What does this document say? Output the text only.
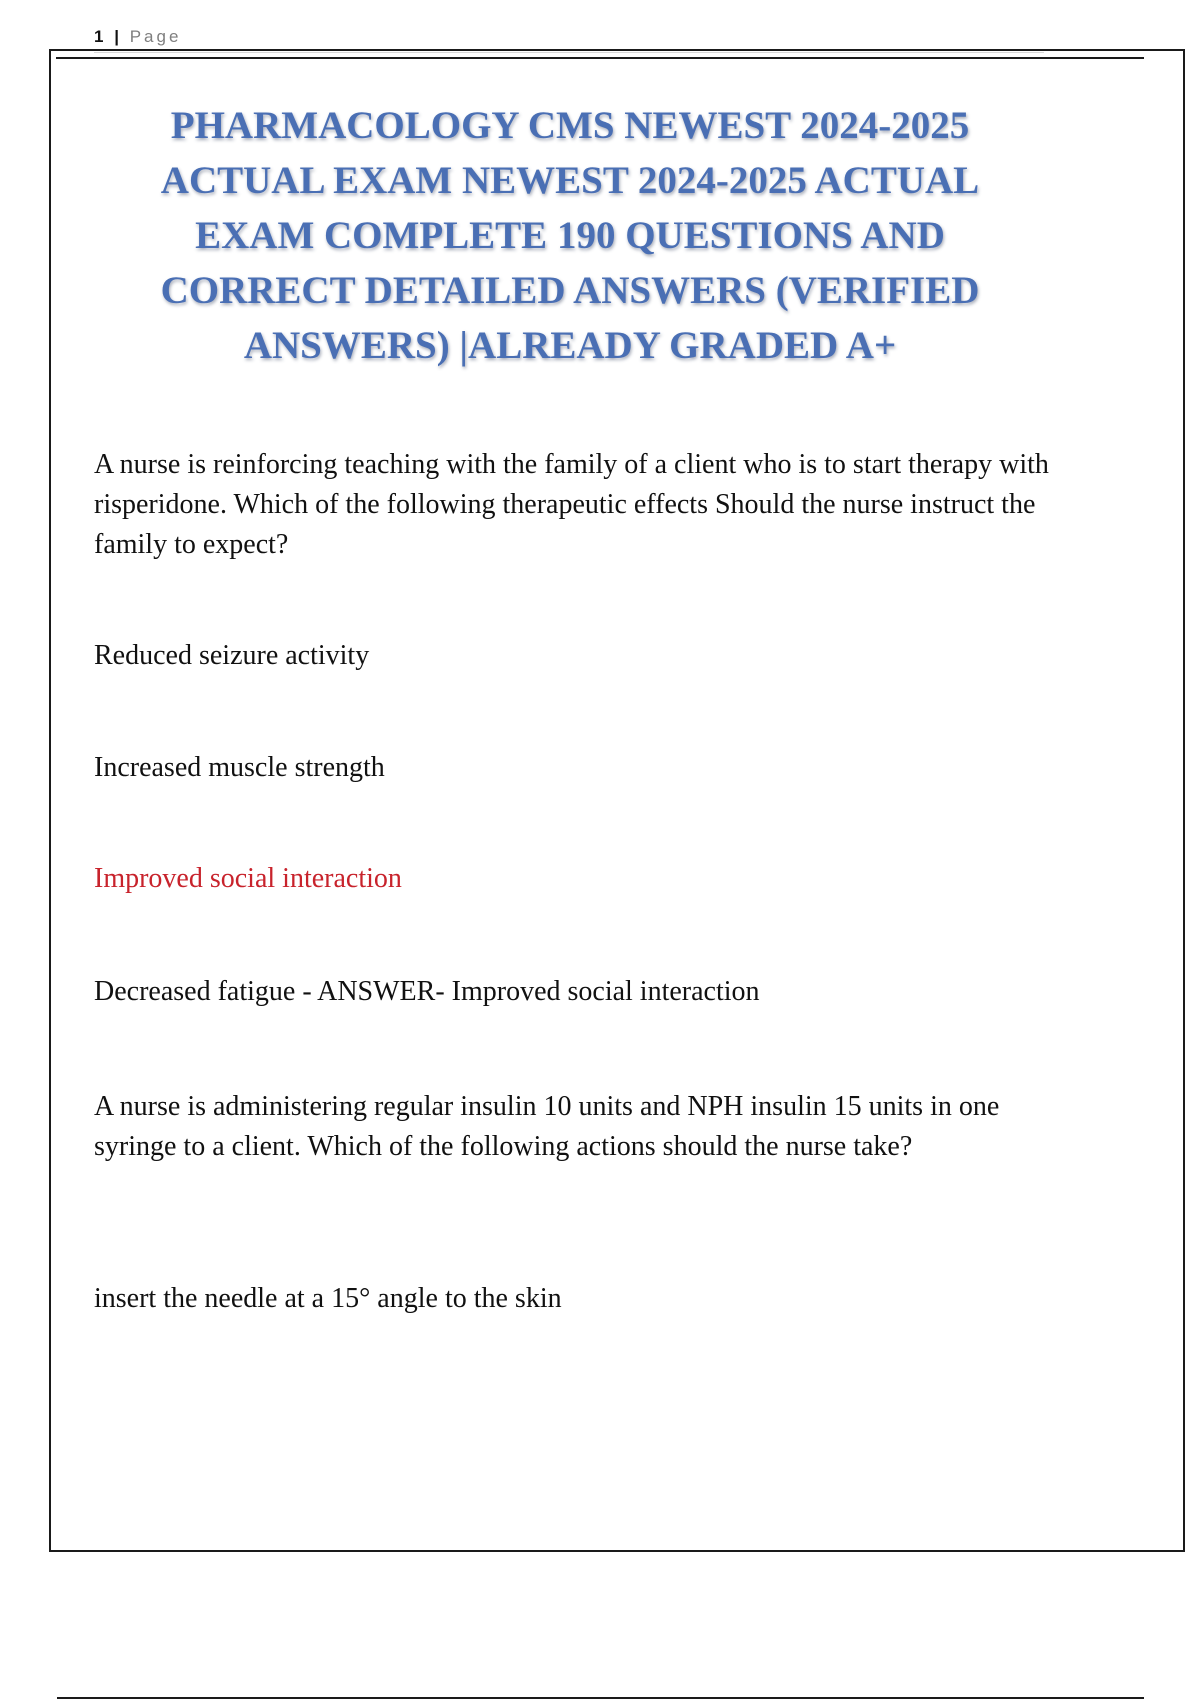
1 | Page
PHARMACOLOGY CMS NEWEST 2024-2025 ACTUAL EXAM NEWEST 2024-2025 ACTUAL EXAM COMPLETE 190 QUESTIONS AND CORRECT DETAILED ANSWERS (VERIFIED ANSWERS) |ALREADY GRADED A+

A nurse is reinforcing teaching with the family of a client who is to start therapy with risperidone. Which of the following therapeutic effects Should the nurse instruct the family to expect?

Reduced seizure activity

Increased muscle strength

Improved social interaction

Decreased fatigue - ANSWER- Improved social interaction

A nurse is administering regular insulin 10 units and NPH insulin 15 units in one syringe to a client. Which of the following actions should the nurse take?

insert the needle at a 15° angle to the skin
